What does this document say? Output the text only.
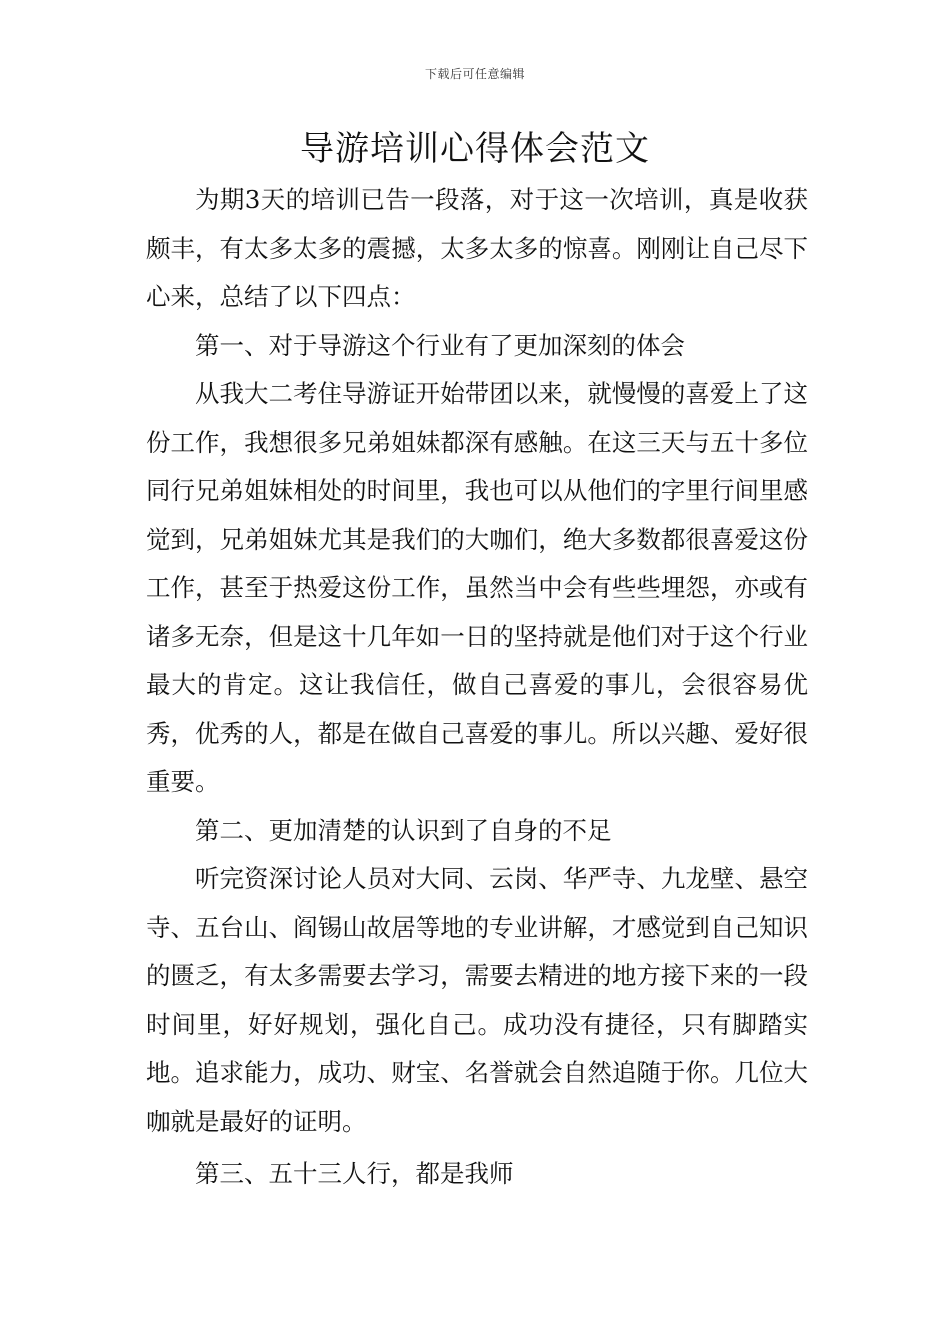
下载后可任意编辑
导游培训心得体会范文

为期3天的培训已告一段落，对于这一次培训，真是收获颇丰，有太多太多的震撼，太多太多的惊喜。刚刚让自己尽下心来，总结了以下四点：

第一、对于导游这个行业有了更加深刻的体会

从我大二考住导游证开始带团以来，就慢慢的喜爱上了这份工作，我想很多兄弟姐妹都深有感触。在这三天与五十多位同行兄弟姐妹相处的时间里，我也可以从他们的字里行间里感觉到，兄弟姐妹尤其是我们的大咖们，绝大多数都很喜爱这份工作，甚至于热爱这份工作，虽然当中会有些些埋怨，亦或有诸多无奈，但是这十几年如一日的坚持就是他们对于这个行业最大的肯定。这让我信任，做自己喜爱的事儿，会很容易优秀，优秀的人，都是在做自己喜爱的事儿。所以兴趣、爱好很重要。

第二、更加清楚的认识到了自身的不足

听完资深讨论人员对大同、云岗、华严寺、九龙壁、悬空寺、五台山、阎锡山故居等地的专业讲解，才感觉到自己知识的匮乏，有太多需要去学习，需要去精进的地方接下来的一段时间里，好好规划，强化自己。成功没有捷径，只有脚踏实地。追求能力，成功、财宝、名誉就会自然追随于你。几位大咖就是最好的证明。

第三、五十三人行，都是我师
